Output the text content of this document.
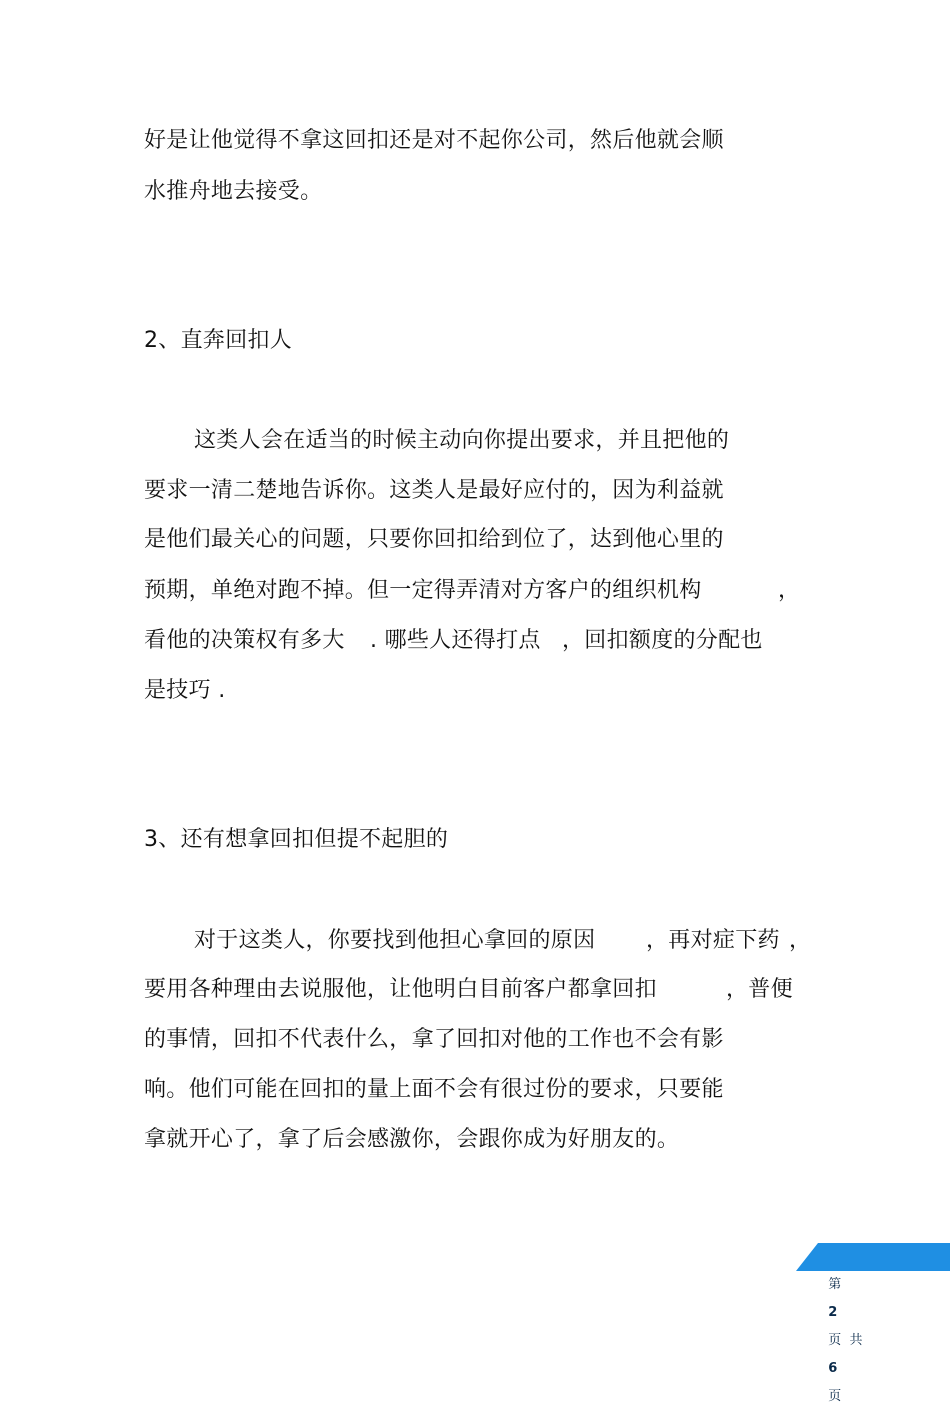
好是让他觉得不拿这回扣还是对不起你公司，然后他就会顺

水推舟地去接受。

2、直奔回扣人

这类人会在适当的时候主动向你提出要求，并且把他的

要求一清二楚地告诉你。这类人是最好应付的，因为利益就

是他们最关心的问题，只要你回扣给到位了，达到他心里的

预期，单绝对跑不掉。但一定得弄清对方客户的组织机构	，

看他的决策权有多大 . 哪些人还得打点 ，回扣额度的分配也

是技巧 .

3、还有想拿回扣但提不起胆的

对于这类人，你要找到他担心拿回的原因 ，再对症下药 ，

要用各种理由去说服他，让他明白目前客户都拿回扣	，普便

的事情，回扣不代表什么，拿了回扣对他的工作也不会有影

响。他们可能在回扣的量上面不会有很过份的要求，只要能

拿就开心了，拿了后会感激你，会跟你成为好朋友的。

第
2
页  共
6
页
